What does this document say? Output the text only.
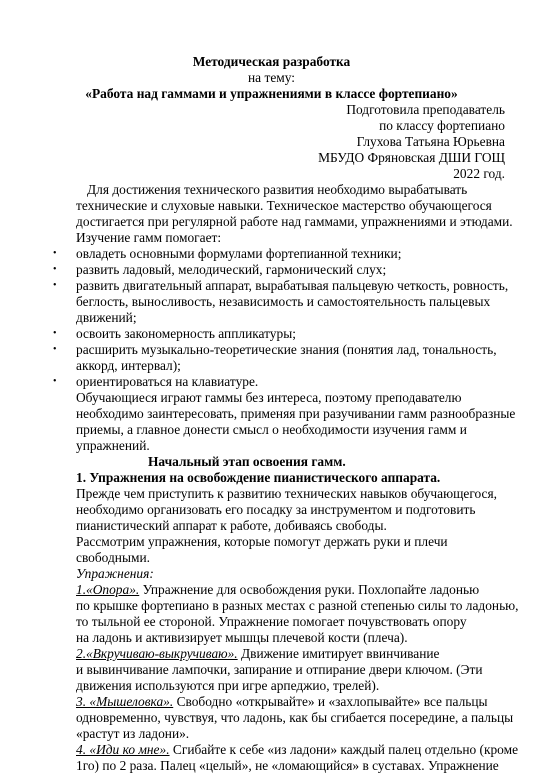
Методическая разработка
на тему:
«Работа над гаммами и упражнениями в классе фортепиано»
Подготовила преподаватель
по классу фортепиано
Глухова Татьяна Юрьевна
МБУДО Фряновская ДШИ ГОЩ
2022 год.
Для достижения технического развития необходимо вырабатывать
технические и слуховые навыки. Техническое мастерство обучающегося
достигается при регулярной работе над гаммами, упражнениями и этюдами.
Изучение гамм помогает:
• овладеть основными формулами фортепианной техники;
• развить ладовый, мелодический, гармонический слух;
• развить двигательный аппарат, вырабатывая пальцевую четкость, ровность,
беглость, выносливость, независимость и самостоятельность пальцевых
движений;
• освоить закономерность аппликатуры;
• расширить музыкально-теоретические знания (понятия лад, тональность,
аккорд, интервал);
• ориентироваться на клавиатуре.
Обучающиеся играют гаммы без интереса, поэтому преподавателю
необходимо заинтересовать, применяя при разучивании гамм разнообразные
приемы, а главное донести смысл о необходимости изучения гамм и
упражнений.
Начальный этап освоения гамм.
1. Упражнения на освобождение пианистического аппарата.
Прежде чем приступить к развитию технических навыков обучающегося,
необходимо организовать его посадку за инструментом и подготовить
пианистический аппарат к работе, добиваясь свободы.
Рассмотрим упражнения, которые помогут держать руки и плечи
свободными.
Упражнения:
1.«Опора». Упражнение для освобождения руки. Похлопайте ладонью
по крышке фортепиано в разных местах с разной степенью силы то ладонью,
то тыльной ее стороной. Упражнение помогает почувствовать опору
на ладонь и активизирует мышцы плечевой кости (плеча).
2.«Вкручиваю-выкручиваю». Движение имитирует ввинчивание
и вывинчивание лампочки, запирание и отпирание двери ключом. (Эти
движения используются при игре арпеджио, трелей).
3. «Мышеловка». Свободно «открывайте» и «захлопывайте» все пальцы
одновременно, чувствуя, что ладонь, как бы сгибается посередине, а пальцы
«растут из ладони».
4. «Иди ко мне». Сгибайте к себе «из ладони» каждый палец отдельно (кроме
1го) по 2 раза. Палец «целый», не «ломающийся» в суставах. Упражнение
